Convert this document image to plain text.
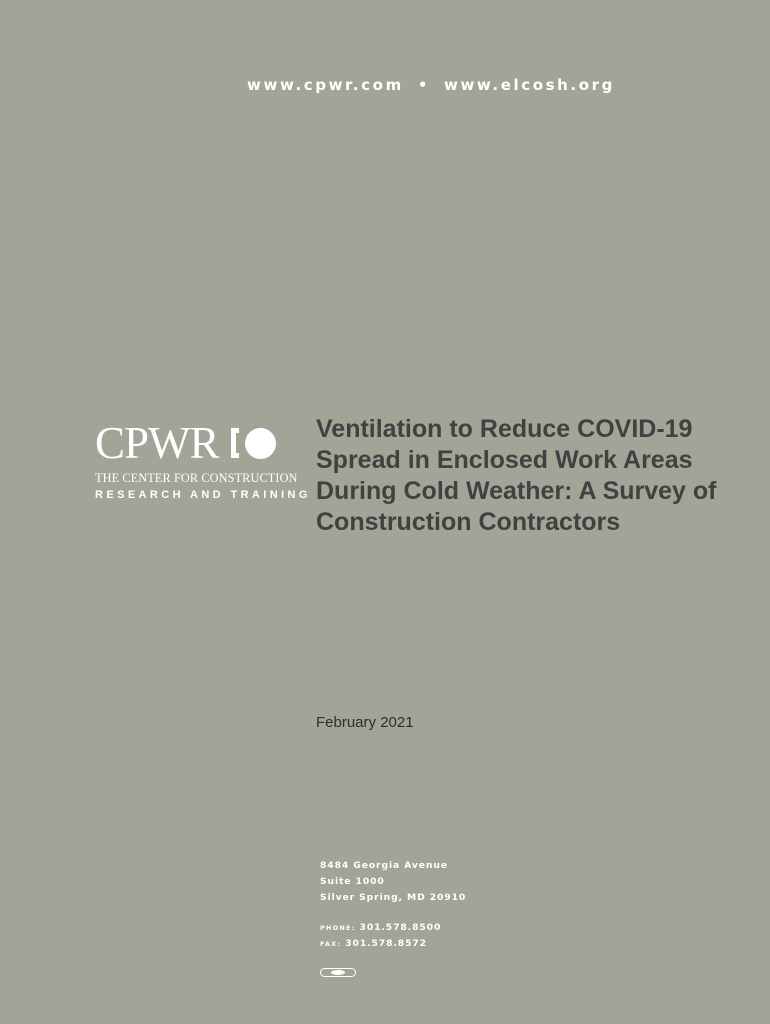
www.cpwr.com • www.elcosh.org
CPWR
THE CENTER FOR CONSTRUCTION
RESEARCH AND TRAINING
Ventilation to Reduce COVID-19 Spread in Enclosed Work Areas During Cold Weather: A Survey of Construction Contractors
February 2021
8484 Georgia Avenue
Suite 1000
Silver Spring, MD 20910
PHONE: 301.578.8500
FAX: 301.578.8572
